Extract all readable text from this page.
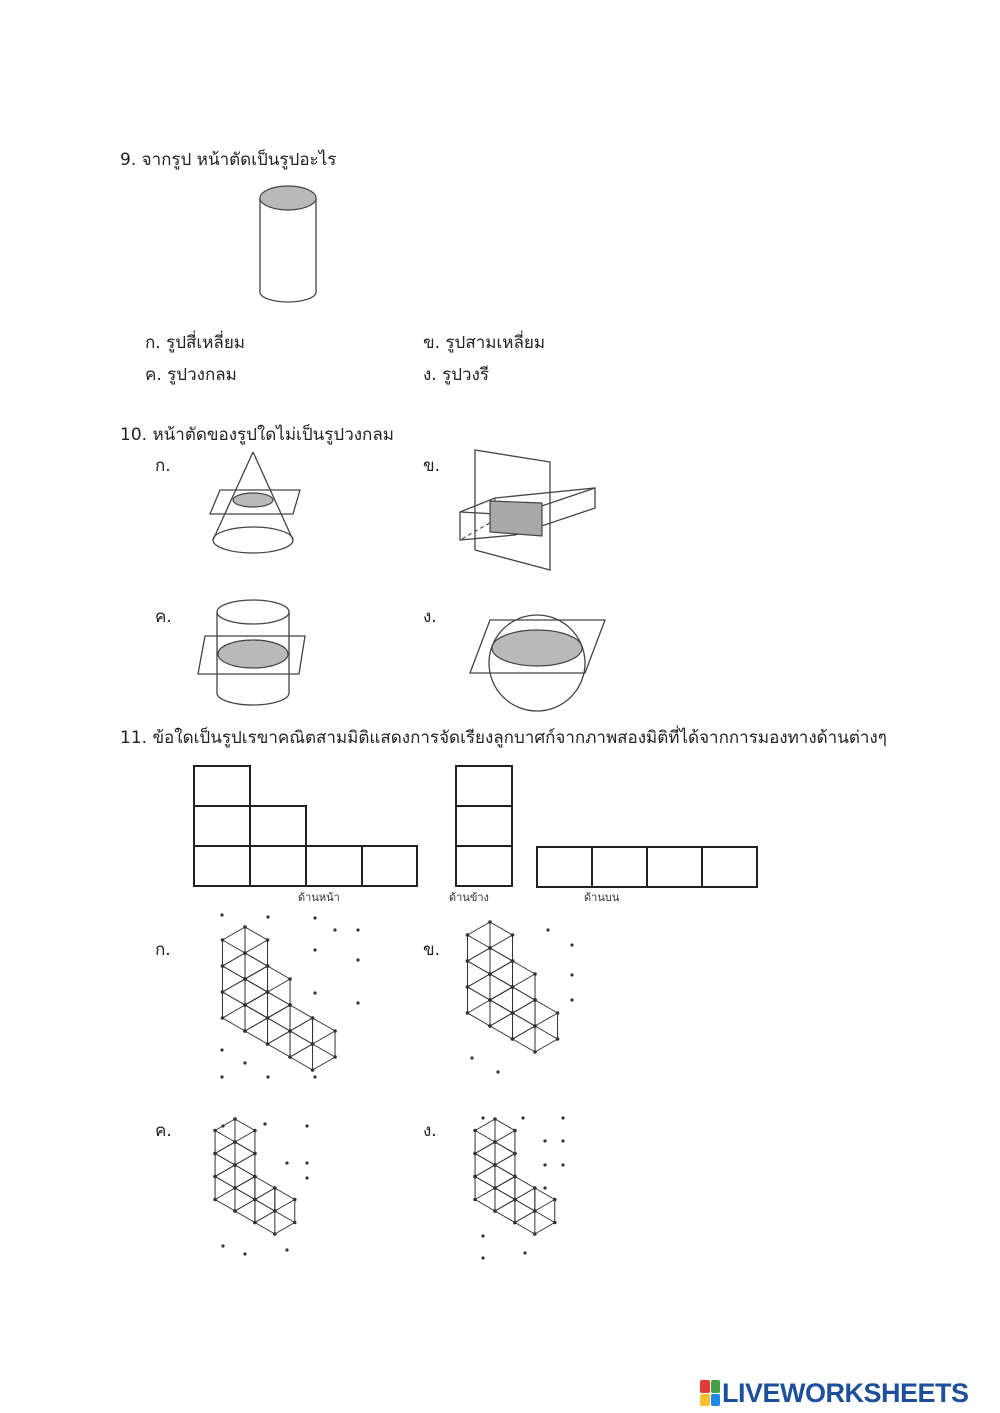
9. จากรูป หน้าตัดเป็นรูปอะไร
ก. รูปสี่เหลี่ยม	ข. รูปสามเหลี่ยม
ค. รูปวงกลม	ง. รูปวงรี
10. หน้าตัดของรูปใดไม่เป็นรูปวงกลม
ก.	ข.
ค.	ง.
11. ข้อใดเป็นรูปเรขาคณิตสามมิติแสดงการจัดเรียงลูกบาศก์จากภาพสองมิติที่ได้จากการมองทางด้านต่างๆ
ด้านหน้า	ด้านข้าง	ด้านบน
ก.	ข.
ค.	ง.
LIVEWORKSHEETS
